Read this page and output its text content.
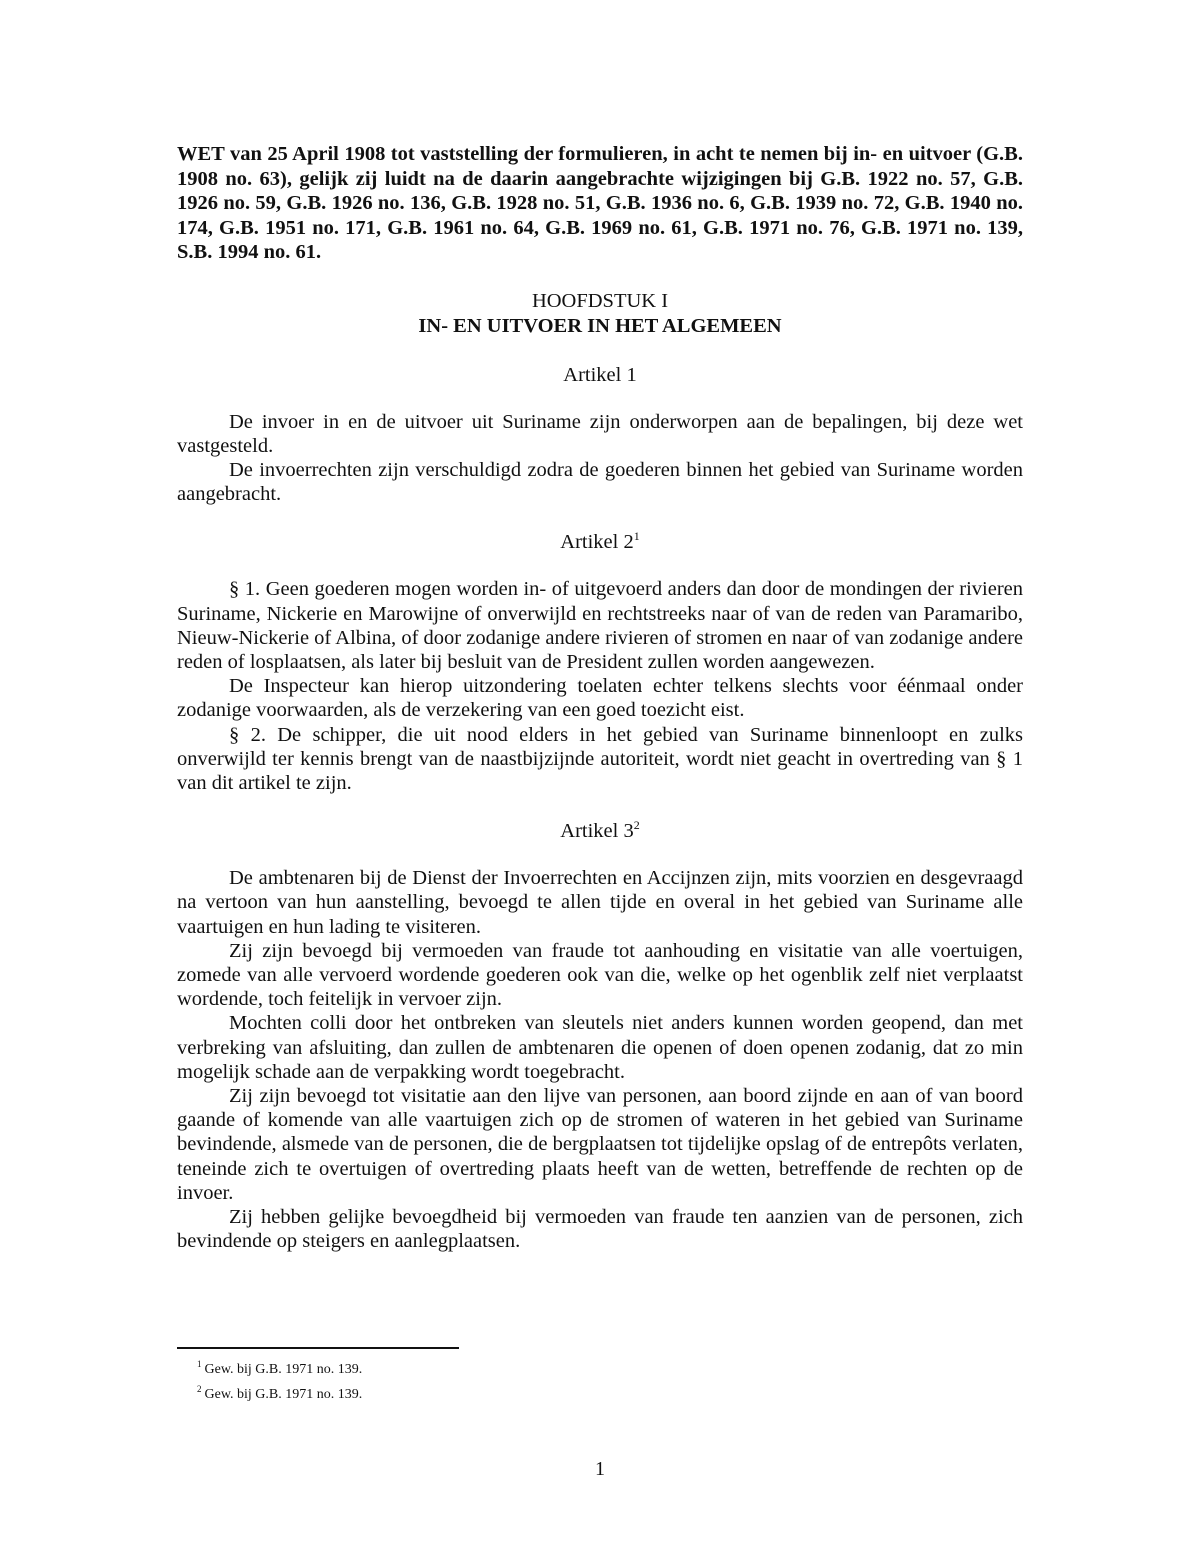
WET van 25 April 1908 tot vaststelling der formulieren, in acht te nemen bij in- en uitvoer (G.B. 1908 no. 63), gelijk zij luidt na de daarin aangebrachte wijzigingen bij G.B. 1922 no. 57, G.B. 1926 no. 59, G.B. 1926 no. 136, G.B. 1928 no. 51, G.B. 1936 no. 6, G.B. 1939 no. 72, G.B. 1940 no. 174, G.B. 1951 no. 171, G.B. 1961 no. 64, G.B. 1969 no. 61, G.B. 1971 no. 76, G.B. 1971 no. 139, S.B. 1994 no. 61.

HOOFDSTUK I
IN- EN UITVOER IN HET ALGEMEEN
Artikel 1

De invoer in en de uitvoer uit Suriname zijn onderworpen aan de bepalingen, bij deze wet vastgesteld.

De invoerrechten zijn verschuldigd zodra de goederen binnen het gebied van Suriname worden aangebracht.

Artikel $2^1$

§ 1. Geen goederen mogen worden in- of uitgevoerd anders dan door de mondingen der rivieren Suriname, Nickerie en Marowijne of onverwijld en rechtstreeks naar of van de reden van Paramaribo, Nieuw-Nickerie of Albina, of door zodanige andere rivieren of stromen en naar of van zodanige andere reden of losplaatsen, als later bij besluit van de President zullen worden aangewezen.

De Inspecteur kan hierop uitzondering toelaten echter telkens slechts voor éénmaal onder zodanige voorwaarden, als de verzekering van een goed toezicht eist.

§ 2. De schipper, die uit nood elders in het gebied van Suriname binnenloopt en zulks onverwijld ter kennis brengt van de naastbijzijnde autoriteit, wordt niet geacht in overtreding van § 1 van dit artikel te zijn.

Artikel $3^2$

De ambtenaren bij de Dienst der Invoerrechten en Accijnzen zijn, mits voorzien en desgevraagd na vertoon van hun aanstelling, bevoegd te allen tijde en overal in het gebied van Suriname alle vaartuigen en hun lading te visiteren.

Zij zijn bevoegd bij vermoeden van fraude tot aanhouding en visitatie van alle voertuigen, zomede van alle vervoerd wordende goederen ook van die, welke op het ogenblik zelf niet verplaatst wordende, toch feitelijk in vervoer zijn.

Mochten colli door het ontbreken van sleutels niet anders kunnen worden geopend, dan met verbreking van afsluiting, dan zullen de ambtenaren die openen of doen openen zodanig, dat zo min mogelijk schade aan de verpakking wordt toegebracht.

Zij zijn bevoegd tot visitatie aan den lijve van personen, aan boord zijnde en aan of van boord gaande of komende van alle vaartuigen zich op de stromen of wateren in het gebied van Suriname bevindende, alsmede van de personen, die de bergplaatsen tot tijdelijke opslag of de entrepôts verlaten, teneinde zich te overtuigen of overtreding plaats heeft van de wetten, betreffende de rechten op de invoer.

Zij hebben gelijke bevoegdheid bij vermoeden van fraude ten aanzien van de personen, zich bevindende op steigers en aanlegplaatsen.

$^1$ Gew. bij G.B. 1971 no. 139.
$^2$ Gew. bij G.B. 1971 no. 139.
1
